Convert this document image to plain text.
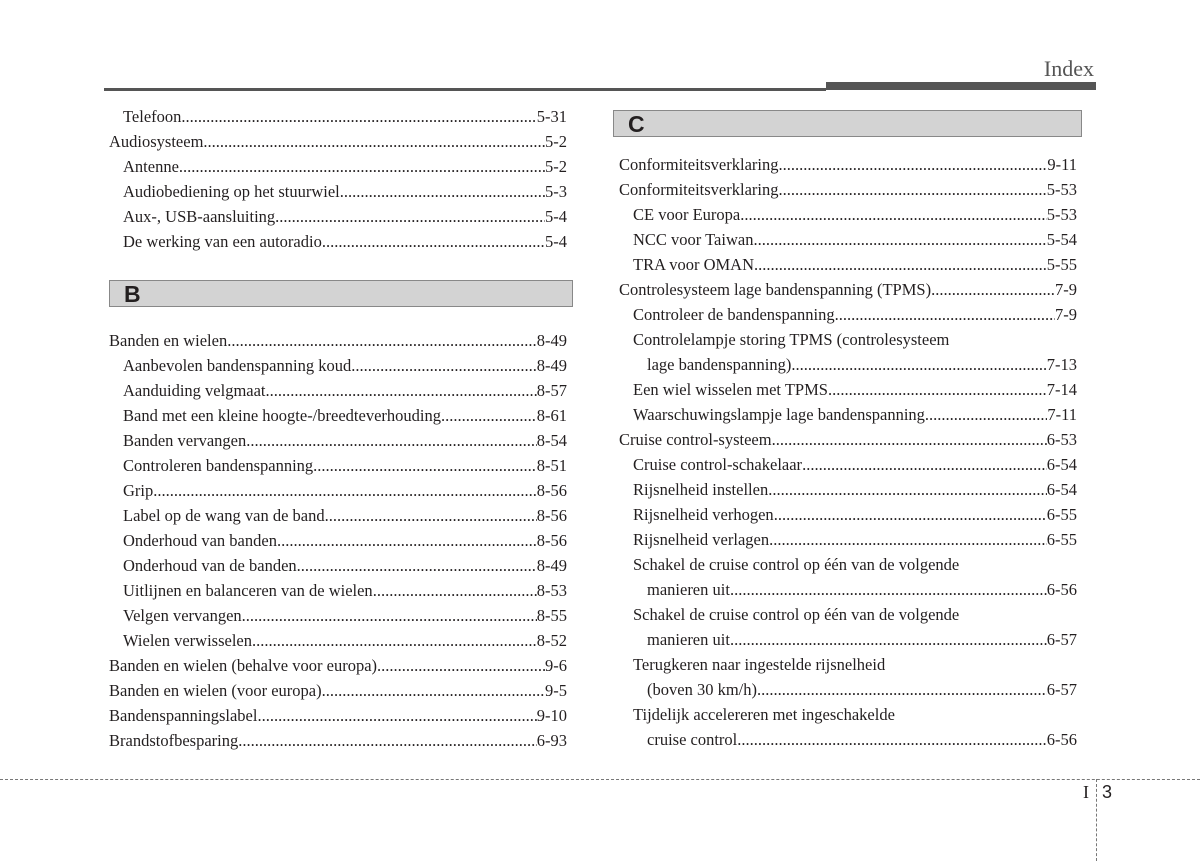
Index
Telefoon .....	5-31
Audiosysteem .....	5-2
Antenne .....	5-2
Audiobediening op het stuurwiel .....	5-3
Aux-, USB-aansluiting .....	5-4
De werking van een autoradio .....	5-4
B
Banden en wielen .....	8-49
Aanbevolen bandenspanning koud .....	8-49
Aanduiding velgmaat .....	8-57
Band met een kleine hoogte-/breedteverhouding .....	8-61
Banden vervangen .....	8-54
Controleren bandenspanning .....	8-51
Grip .....	8-56
Label op de wang van de band .....	8-56
Onderhoud van banden .....	8-56
Onderhoud van de banden .....	8-49
Uitlijnen en balanceren van de wielen .....	8-53
Velgen vervangen .....	8-55
Wielen verwisselen .....	8-52
Banden en wielen (behalve voor europa) .....	9-6
Banden en wielen (voor europa) .....	9-5
Bandenspanningslabel .....	9-10
Brandstofbesparing .....	6-93
C
Conformiteitsverklaring .....	9-11
Conformiteitsverklaring .....	5-53
CE voor Europa .....	5-53
NCC voor Taiwan .....	5-54
TRA voor OMAN .....	5-55
Controlesysteem lage bandenspanning (TPMS) .....	7-9
Controleer de bandenspanning .....	7-9
Controlelampje storing TPMS (controlesysteem
lage bandenspanning) .....	7-13
Een wiel wisselen met TPMS .....	7-14
Waarschuwingslampje lage bandenspanning .....	7-11
Cruise control-systeem .....	6-53
Cruise control-schakelaar .....	6-54
Rijsnelheid instellen .....	6-54
Rijsnelheid verhogen .....	6-55
Rijsnelheid verlagen .....	6-55
Schakel de cruise control op één van de volgende
manieren uit .....	6-56
Schakel de cruise control op één van de volgende
manieren uit .....	6-57
Terugkeren naar ingestelde rijsnelheid
(boven 30 km/h) .....	6-57
Tijdelijk accelereren met ingeschakelde
cruise control .....	6-56
I 3
